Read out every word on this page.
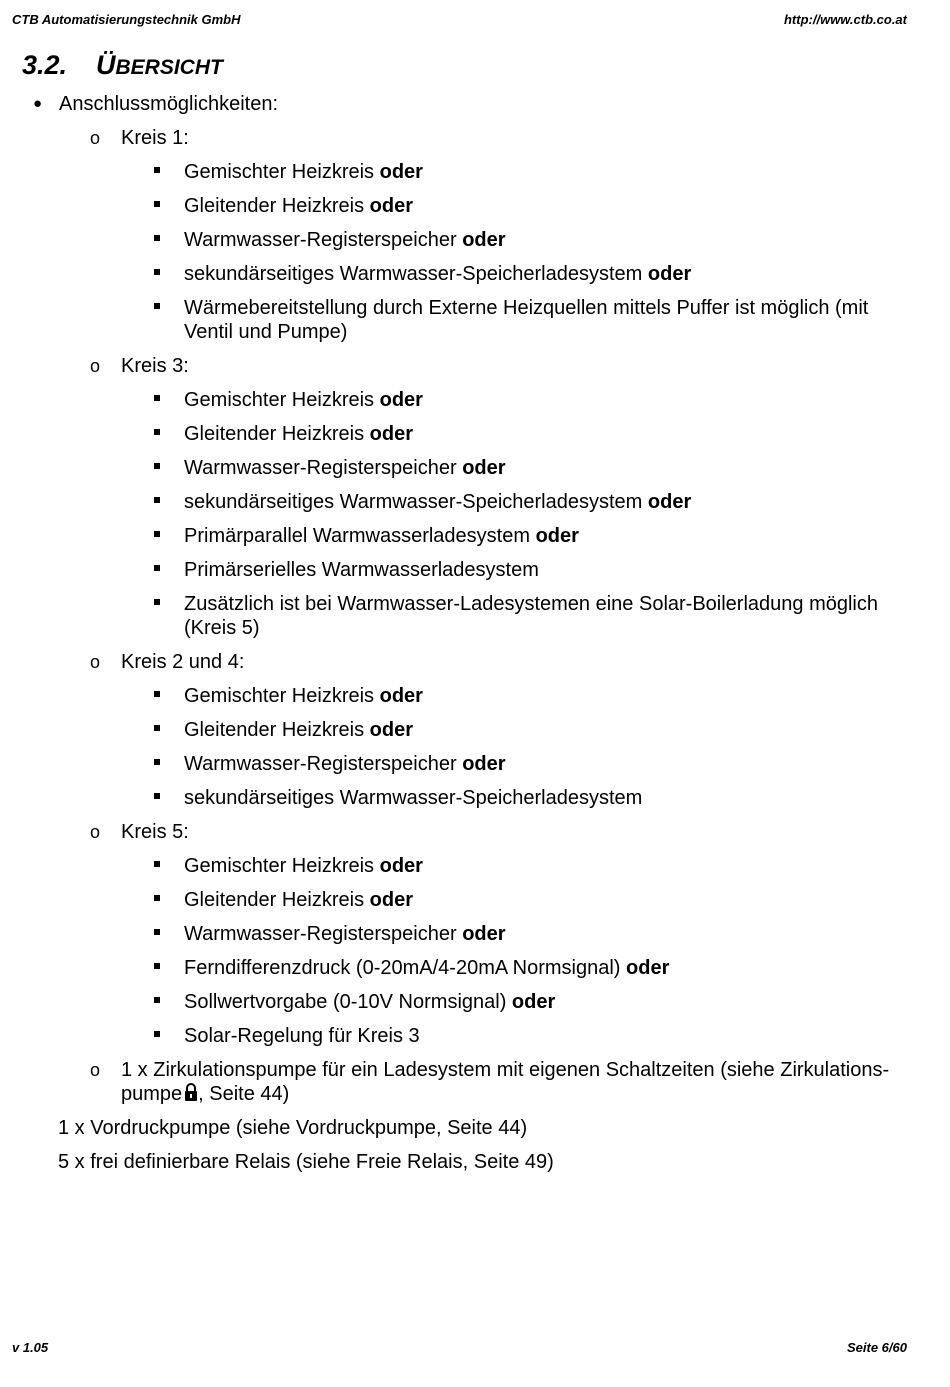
CTB Automatisierungstechnik GmbH	http://www.ctb.co.at
3.2. ÜBERSICHT
● Anschlussmöglichkeiten:
o	Kreis 1:
Gemischter Heizkreis oder
Gleitender Heizkreis oder
Warmwasser-Registerspeicher oder
sekundärseitiges Warmwasser-Speicherladesystem oder
Wärmebereitstellung durch Externe Heizquellen mittels Puffer ist möglich (mit Ventil und Pumpe)
o	Kreis 3:
Gemischter Heizkreis oder
Gleitender Heizkreis oder
Warmwasser-Registerspeicher oder
sekundärseitiges Warmwasser-Speicherladesystem oder
Primärparallel Warmwasserladesystem oder
Primärserielles Warmwasserladesystem
Zusätzlich ist bei Warmwasser-Ladesystemen eine Solar-Boilerladung möglich (Kreis 5)
o	Kreis 2 und 4:
Gemischter Heizkreis oder
Gleitender Heizkreis oder
Warmwasser-Registerspeicher oder
sekundärseitiges Warmwasser-Speicherladesystem
o	Kreis 5:
Gemischter Heizkreis oder
Gleitender Heizkreis oder
Warmwasser-Registerspeicher oder
Ferndifferenzdruck (0-20mA/4-20mA Normsignal) oder
Sollwertvorgabe (0-10V Normsignal) oder
Solar-Regelung für Kreis 3
o	1 x Zirkulationspumpe für ein Ladesystem mit eigenen Schaltzeiten (siehe Zirkulations-pumpe , Seite 44)
1 x Vordruckpumpe (siehe Vordruckpumpe, Seite 44)
5 x frei definierbare Relais (siehe Freie Relais, Seite 49)
v 1.05	Seite 6/60
